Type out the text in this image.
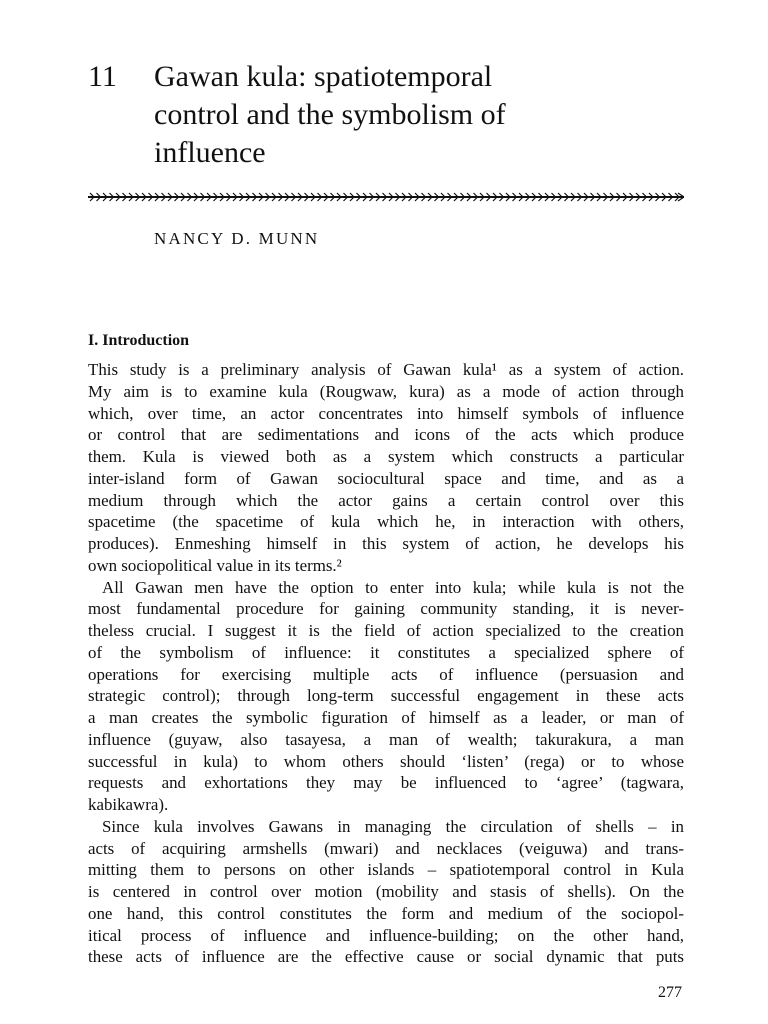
11	Gawan kula: spatiotemporal
control and the symbolism of
influence
NANCY D. MUNN
I. Introduction
This study is a preliminary analysis of Gawan kula¹ as a system of action.
My aim is to examine kula (Rougwaw, kura) as a mode of action through
which, over time, an actor concentrates into himself symbols of influence
or control that are sedimentations and icons of the acts which produce
them. Kula is viewed both as a system which constructs a particular
inter-island form of Gawan sociocultural space and time, and as a
medium through which the actor gains a certain control over this
spacetime (the spacetime of kula which he, in interaction with others,
produces). Enmeshing himself in this system of action, he develops his
own sociopolitical value in its terms.²
All Gawan men have the option to enter into kula; while kula is not the
most fundamental procedure for gaining community standing, it is never-
theless crucial. I suggest it is the field of action specialized to the creation
of the symbolism of influence: it constitutes a specialized sphere of
operations for exercising multiple acts of influence (persuasion and
strategic control); through long-term successful engagement in these acts
a man creates the symbolic figuration of himself as a leader, or man of
influence (guyaw, also tasayesa, a man of wealth; takurakura, a man
successful in kula) to whom others should ‘listen’ (rega) or to whose
requests and exhortations they may be influenced to ‘agree’ (tagwara,
kabikawra).
Since kula involves Gawans in managing the circulation of shells – in
acts of acquiring armshells (mwari) and necklaces (veiguwa) and trans-
mitting them to persons on other islands – spatiotemporal control in Kula
is centered in control over motion (mobility and stasis of shells). On the
one hand, this control constitutes the form and medium of the sociopol-
itical process of influence and influence-building; on the other hand,
these acts of influence are the effective cause or social dynamic that puts
277
